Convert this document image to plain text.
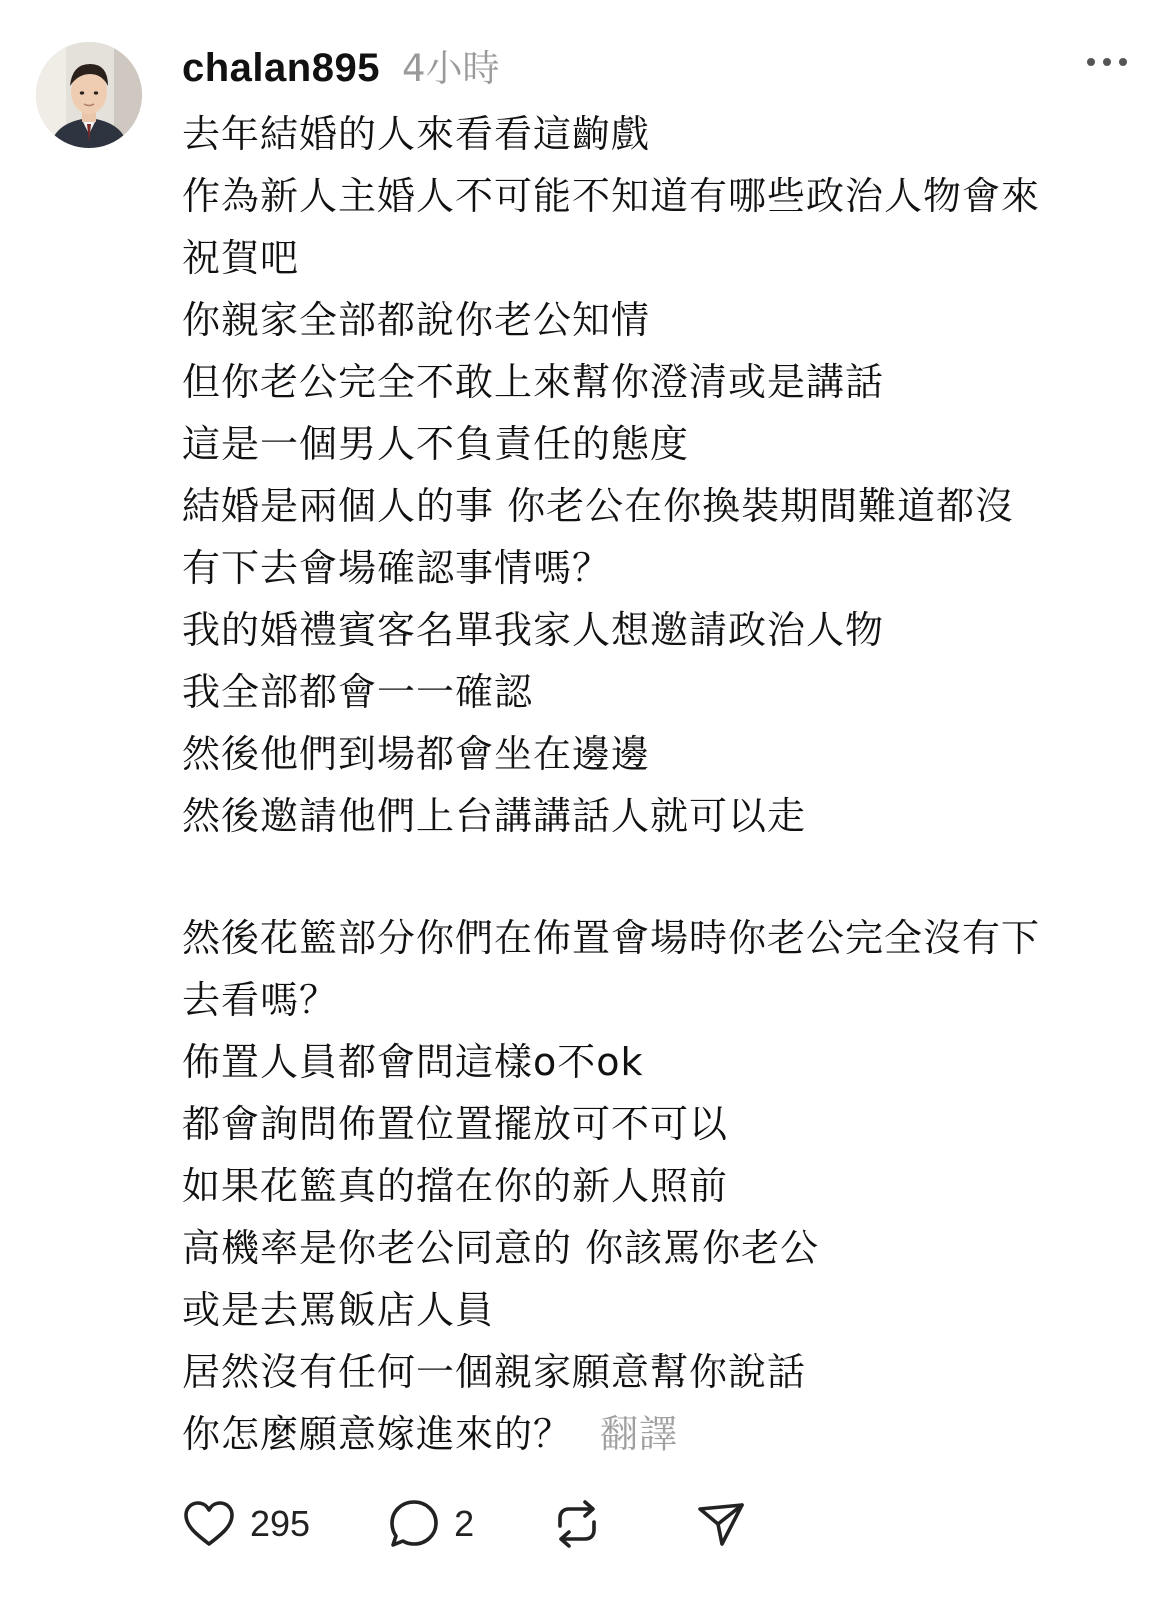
chalan895 4小時
去年結婚的人來看看這齣戲
作為新人主婚人不可能不知道有哪些政治人物會來
祝賀吧
你親家全部都說你老公知情
但你老公完全不敢上來幫你澄清或是講話
這是一個男人不負責任的態度
結婚是兩個人的事 你老公在你換裝期間難道都沒
有下去會場確認事情嗎？
我的婚禮賓客名單我家人想邀請政治人物
我全部都會一一確認
然後他們到場都會坐在邊邊
然後邀請他們上台講講話人就可以走
然後花籃部分你們在佈置會場時你老公完全沒有下
去看嗎？
佈置人員都會問這樣o不ok
都會詢問佈置位置擺放可不可以
如果花籃真的擋在你的新人照前
高機率是你老公同意的 你該罵你老公
或是去罵飯店人員
居然沒有任何一個親家願意幫你說話
你怎麼願意嫁進來的？ 翻譯
295	2
